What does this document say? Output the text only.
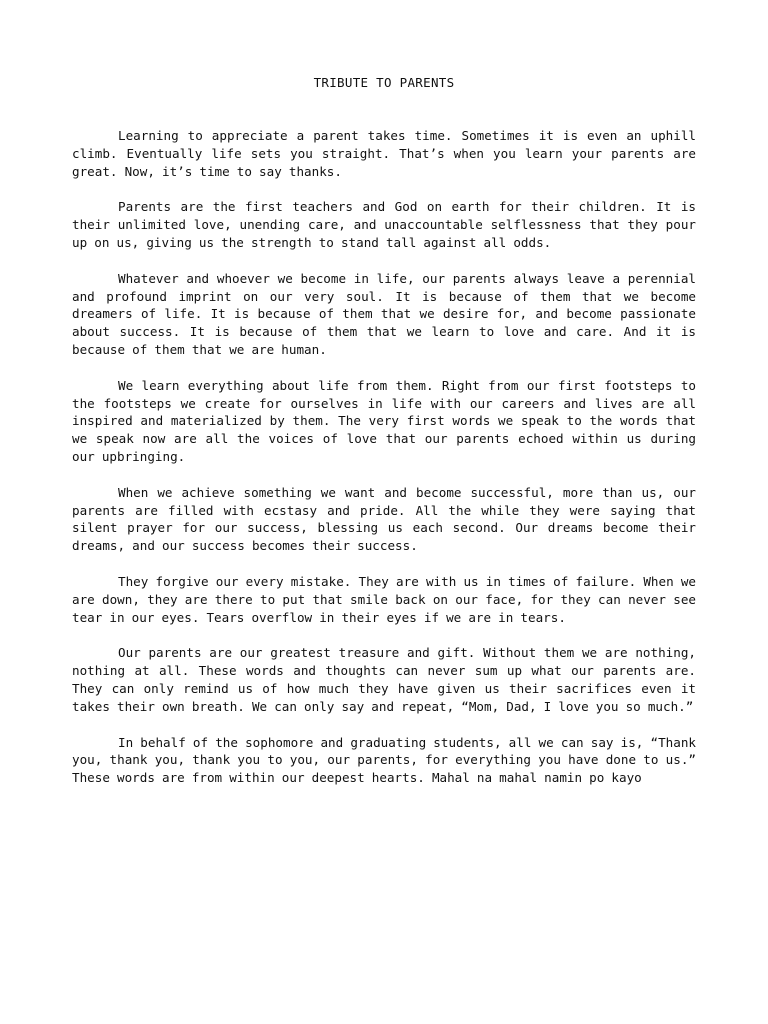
TRIBUTE TO PARENTS

Learning to appreciate a parent takes time. Sometimes it is even an uphill climb. Eventually life sets you straight. That’s when you learn your parents are great. Now, it’s time to say thanks.

Parents are the first teachers and God on earth for their children. It is their unlimited love, unending care, and unaccountable selflessness that they pour up on us, giving us the strength to stand tall against all odds.

Whatever and whoever we become in life, our parents always leave a perennial and profound imprint on our very soul. It is because of them that we become dreamers of life. It is because of them that we desire for, and become passionate about success. It is because of them that we learn to love and care. And it is because of them that we are human.

We learn everything about life from them. Right from our first footsteps to the footsteps we create for ourselves in life with our careers and lives are all inspired and materialized by them. The very first words we speak to the words that we speak now are all the voices of love that our parents echoed within us during our upbringing.

When we achieve something we want and become successful, more than us, our parents are filled with ecstasy and pride. All the while they were saying that silent prayer for our success, blessing us each second. Our dreams become their dreams, and our success becomes their success.

They forgive our every mistake. They are with us in times of failure. When we are down, they are there to put that smile back on our face, for they can never see tear in our eyes. Tears overflow in their eyes if we are in tears.

Our parents are our greatest treasure and gift. Without them we are nothing, nothing at all. These words and thoughts can never sum up what our parents are. They can only remind us of how much they have given us their sacrifices even it takes their own breath. We can only say and repeat, “Mom, Dad, I love you so much.”

In behalf of the sophomore and graduating students, all we can say is, “Thank you, thank you, thank you to you, our parents, for everything you have done to us.” These words are from within our deepest hearts. Mahal na mahal namin po kayo
